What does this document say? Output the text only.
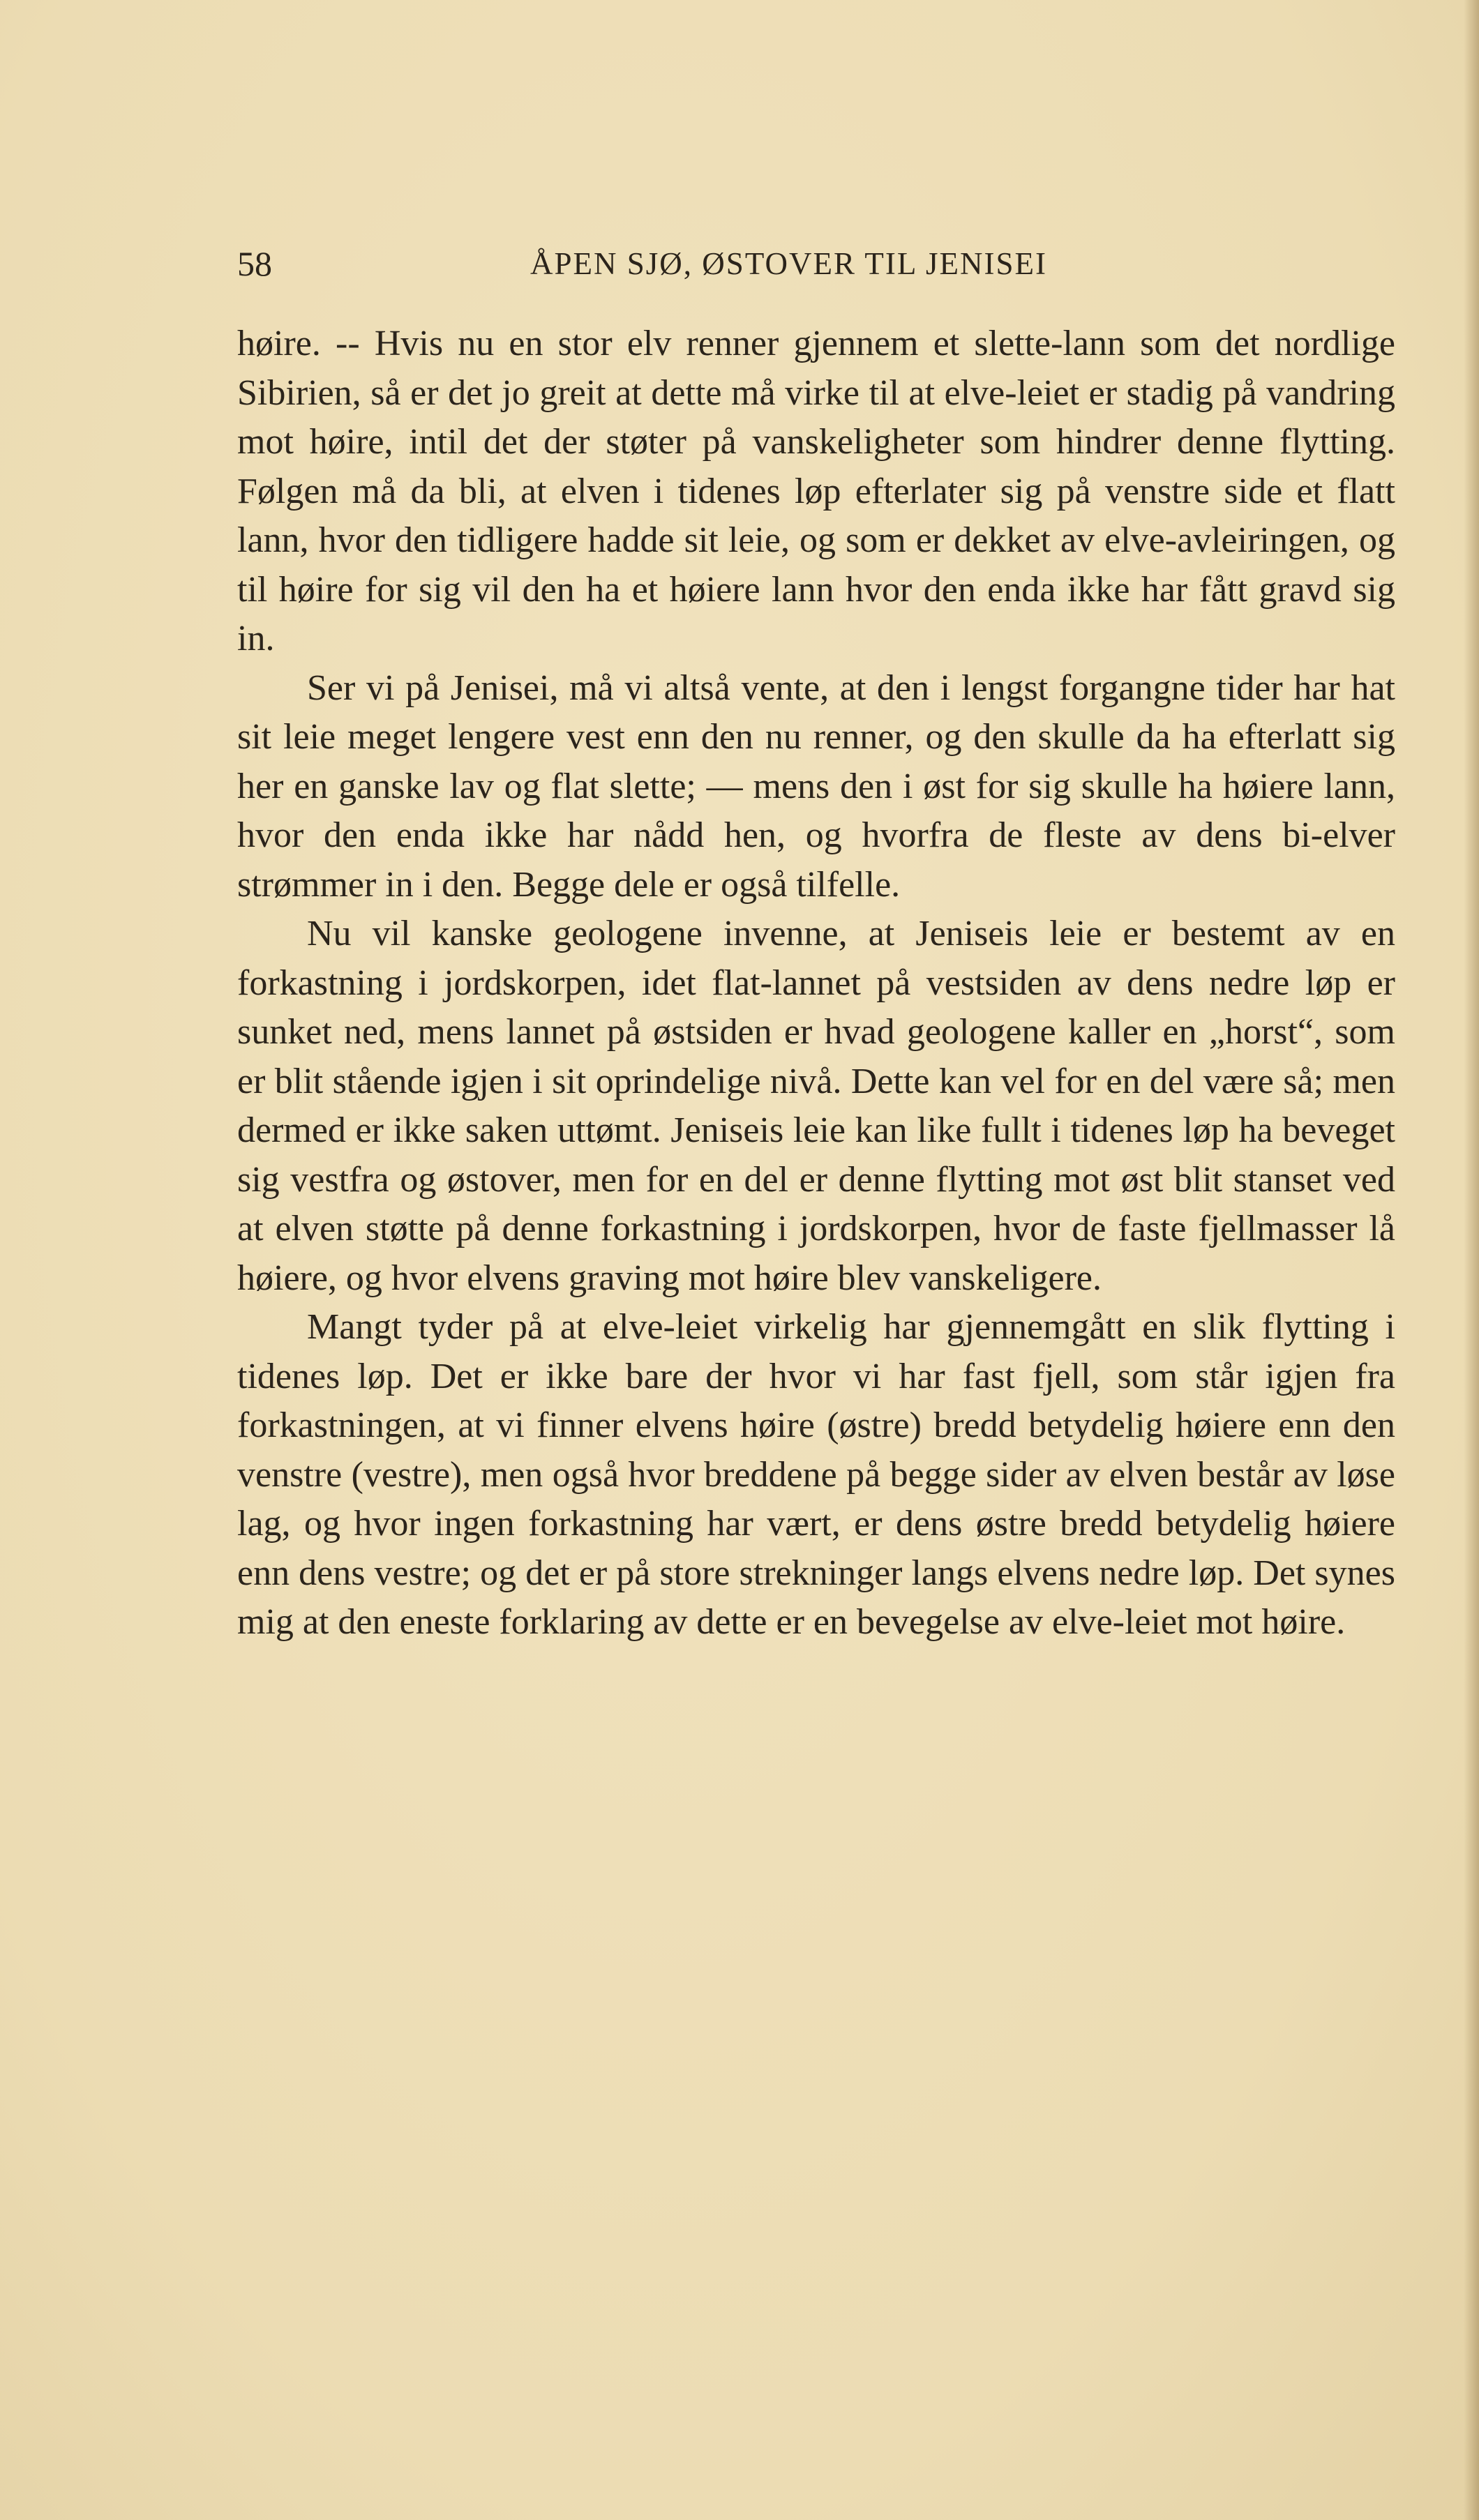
58	ÅPEN SJØ, ØSTOVER TIL JENISEI

høire. -- Hvis nu en stor elv renner gjennem et slette-lann som det nordlige Sibirien, så er det jo greit at dette må virke til at elve-leiet er stadig på vandring mot høire, intil det der støter på vanskeligheter som hindrer denne flytting. Følgen må da bli, at elven i tidenes løp efterlater sig på venstre side et flatt lann, hvor den tidligere hadde sit leie, og som er dekket av elve-avleiringen, og til høire for sig vil den ha et høiere lann hvor den enda ikke har fått gravd sig in.

Ser vi på Jenisei, må vi altså vente, at den i lengst forgangne tider har hat sit leie meget lengere vest enn den nu renner, og den skulle da ha efterlatt sig her en ganske lav og flat slette; — mens den i øst for sig skulle ha høiere lann, hvor den enda ikke har nådd hen, og hvorfra de fleste av dens bi-elver strømmer in i den. Begge dele er også tilfelle.

Nu vil kanske geologene invenne, at Jeniseis leie er bestemt av en forkastning i jordskorpen, idet flat-lannet på vestsiden av dens nedre løp er sunket ned, mens lannet på østsiden er hvad geologene kaller en „horst“, som er blit stående igjen i sit oprindelige nivå. Dette kan vel for en del være så; men dermed er ikke saken uttømt. Jeniseis leie kan like fullt i tidenes løp ha beveget sig vestfra og østover, men for en del er denne flytting mot øst blit stanset ved at elven støtte på denne forkastning i jordskorpen, hvor de faste fjellmasser lå høiere, og hvor elvens graving mot høire blev vanskeligere.

Mangt tyder på at elve-leiet virkelig har gjennemgått en slik flytting i tidenes løp. Det er ikke bare der hvor vi har fast fjell, som står igjen fra forkastningen, at vi finner elvens høire (østre) bredd betydelig høiere enn den venstre (vestre), men også hvor breddene på begge sider av elven består av løse lag, og hvor ingen forkastning har vært, er dens østre bredd betydelig høiere enn dens vestre; og det er på store strekninger langs elvens nedre løp. Det synes mig at den eneste forklaring av dette er en bevegelse av elve-leiet mot høire.
